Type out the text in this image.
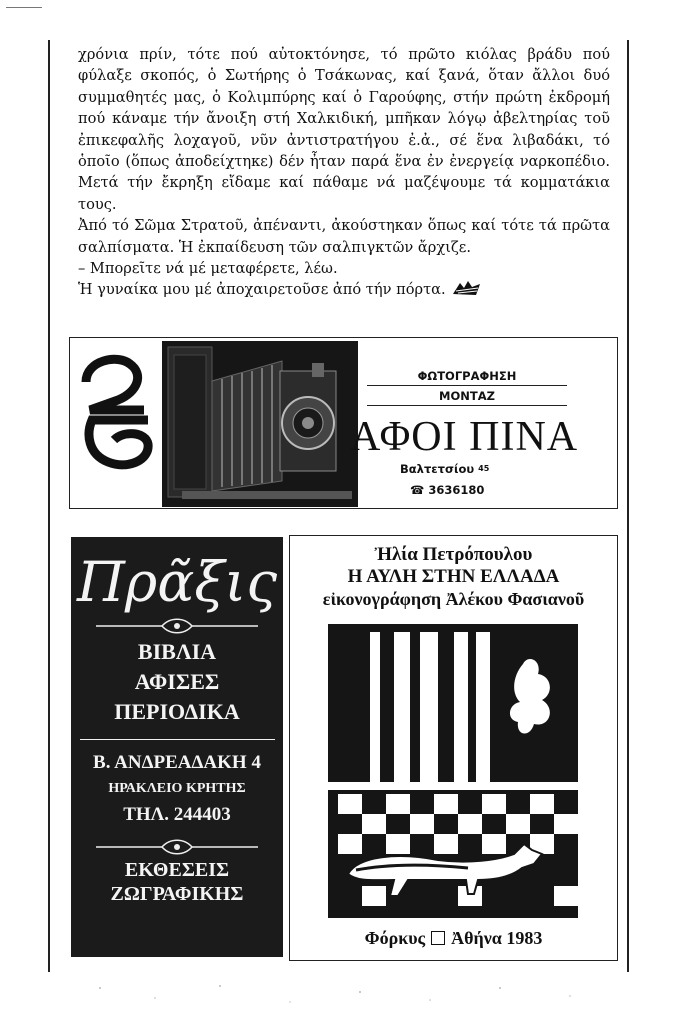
χρόνια πρίν, τότε πού αὐτοκτόνησε, τό πρῶτο κιόλας βράδυ πού φύλαξε σκοπός, ὁ Σωτήρης ὁ Τσάκωνας, καί ξανά, ὅταν ἄλλοι δυό συμμαθητές μας, ὁ Κολιμπύρης καί ὁ Γαρούφης, στήν πρώτη ἐκδρομή πού κάναμε τήν ἄνοιξη στή Χαλκιδική, μπῆκαν λόγῳ ἀβελτηρίας τοῦ ἐπικεφαλῆς λοχαγοῦ, νῦν ἀντιστρατήγου ἐ.ἀ., σέ ἕνα λιβαδάκι, τό ὁποῖο (ὅπως ἀποδείχτηκε) δέν ἦταν παρά ἕνα ἐν ἐνεργείᾳ ναρκοπέδιο. Μετά τήν ἔκρηξη εἴδαμε καί πάθαμε νά μαζέψουμε τά κομματάκια τους.

Ἀπό τό Σῶμα Στρατοῦ, ἀπέναντι, ἀκούστηκαν ὅπως καί τότε τά πρῶτα σαλπίσματα. Ἡ ἐκπαίδευση τῶν σαλπιγκτῶν ἄρχιζε.

– Μπορεῖτε νά μέ μεταφέρετε, λέω.

Ἡ γυναίκα μου μέ ἀποχαιρετοῦσε ἀπό τήν πόρτα.

ΦΩΤΟΓΡΑΦΗΣΗ
ΜΟΝΤΑΖ
ΑΦΟΙ ΠΙΝΑ
Βαλτετσίου 45
☎ 3636180
Πρᾶξις
ΒΙΒΛΙΑ
ΑΦΙΣΕΣ
ΠΕΡΙΟΔΙΚΑ
Β. ΑΝΔΡΕΑΔΑΚΗ 4
ΗΡΑΚΛΕΙΟ ΚΡΗΤΗΣ
ΤΗΛ. 244403
ΕΚΘΕΣΕΙΣ
ΖΩΓΡΑΦΙΚΗΣ
Ἠλία Πετρόπουλου
Η ΑΥΛΗ ΣΤΗΝ ΕΛΛΑΔΑ
εἰκονογράφηση Ἀλέκου Φασιανοῦ
Φόρκυς Ἀθήνα 1983
